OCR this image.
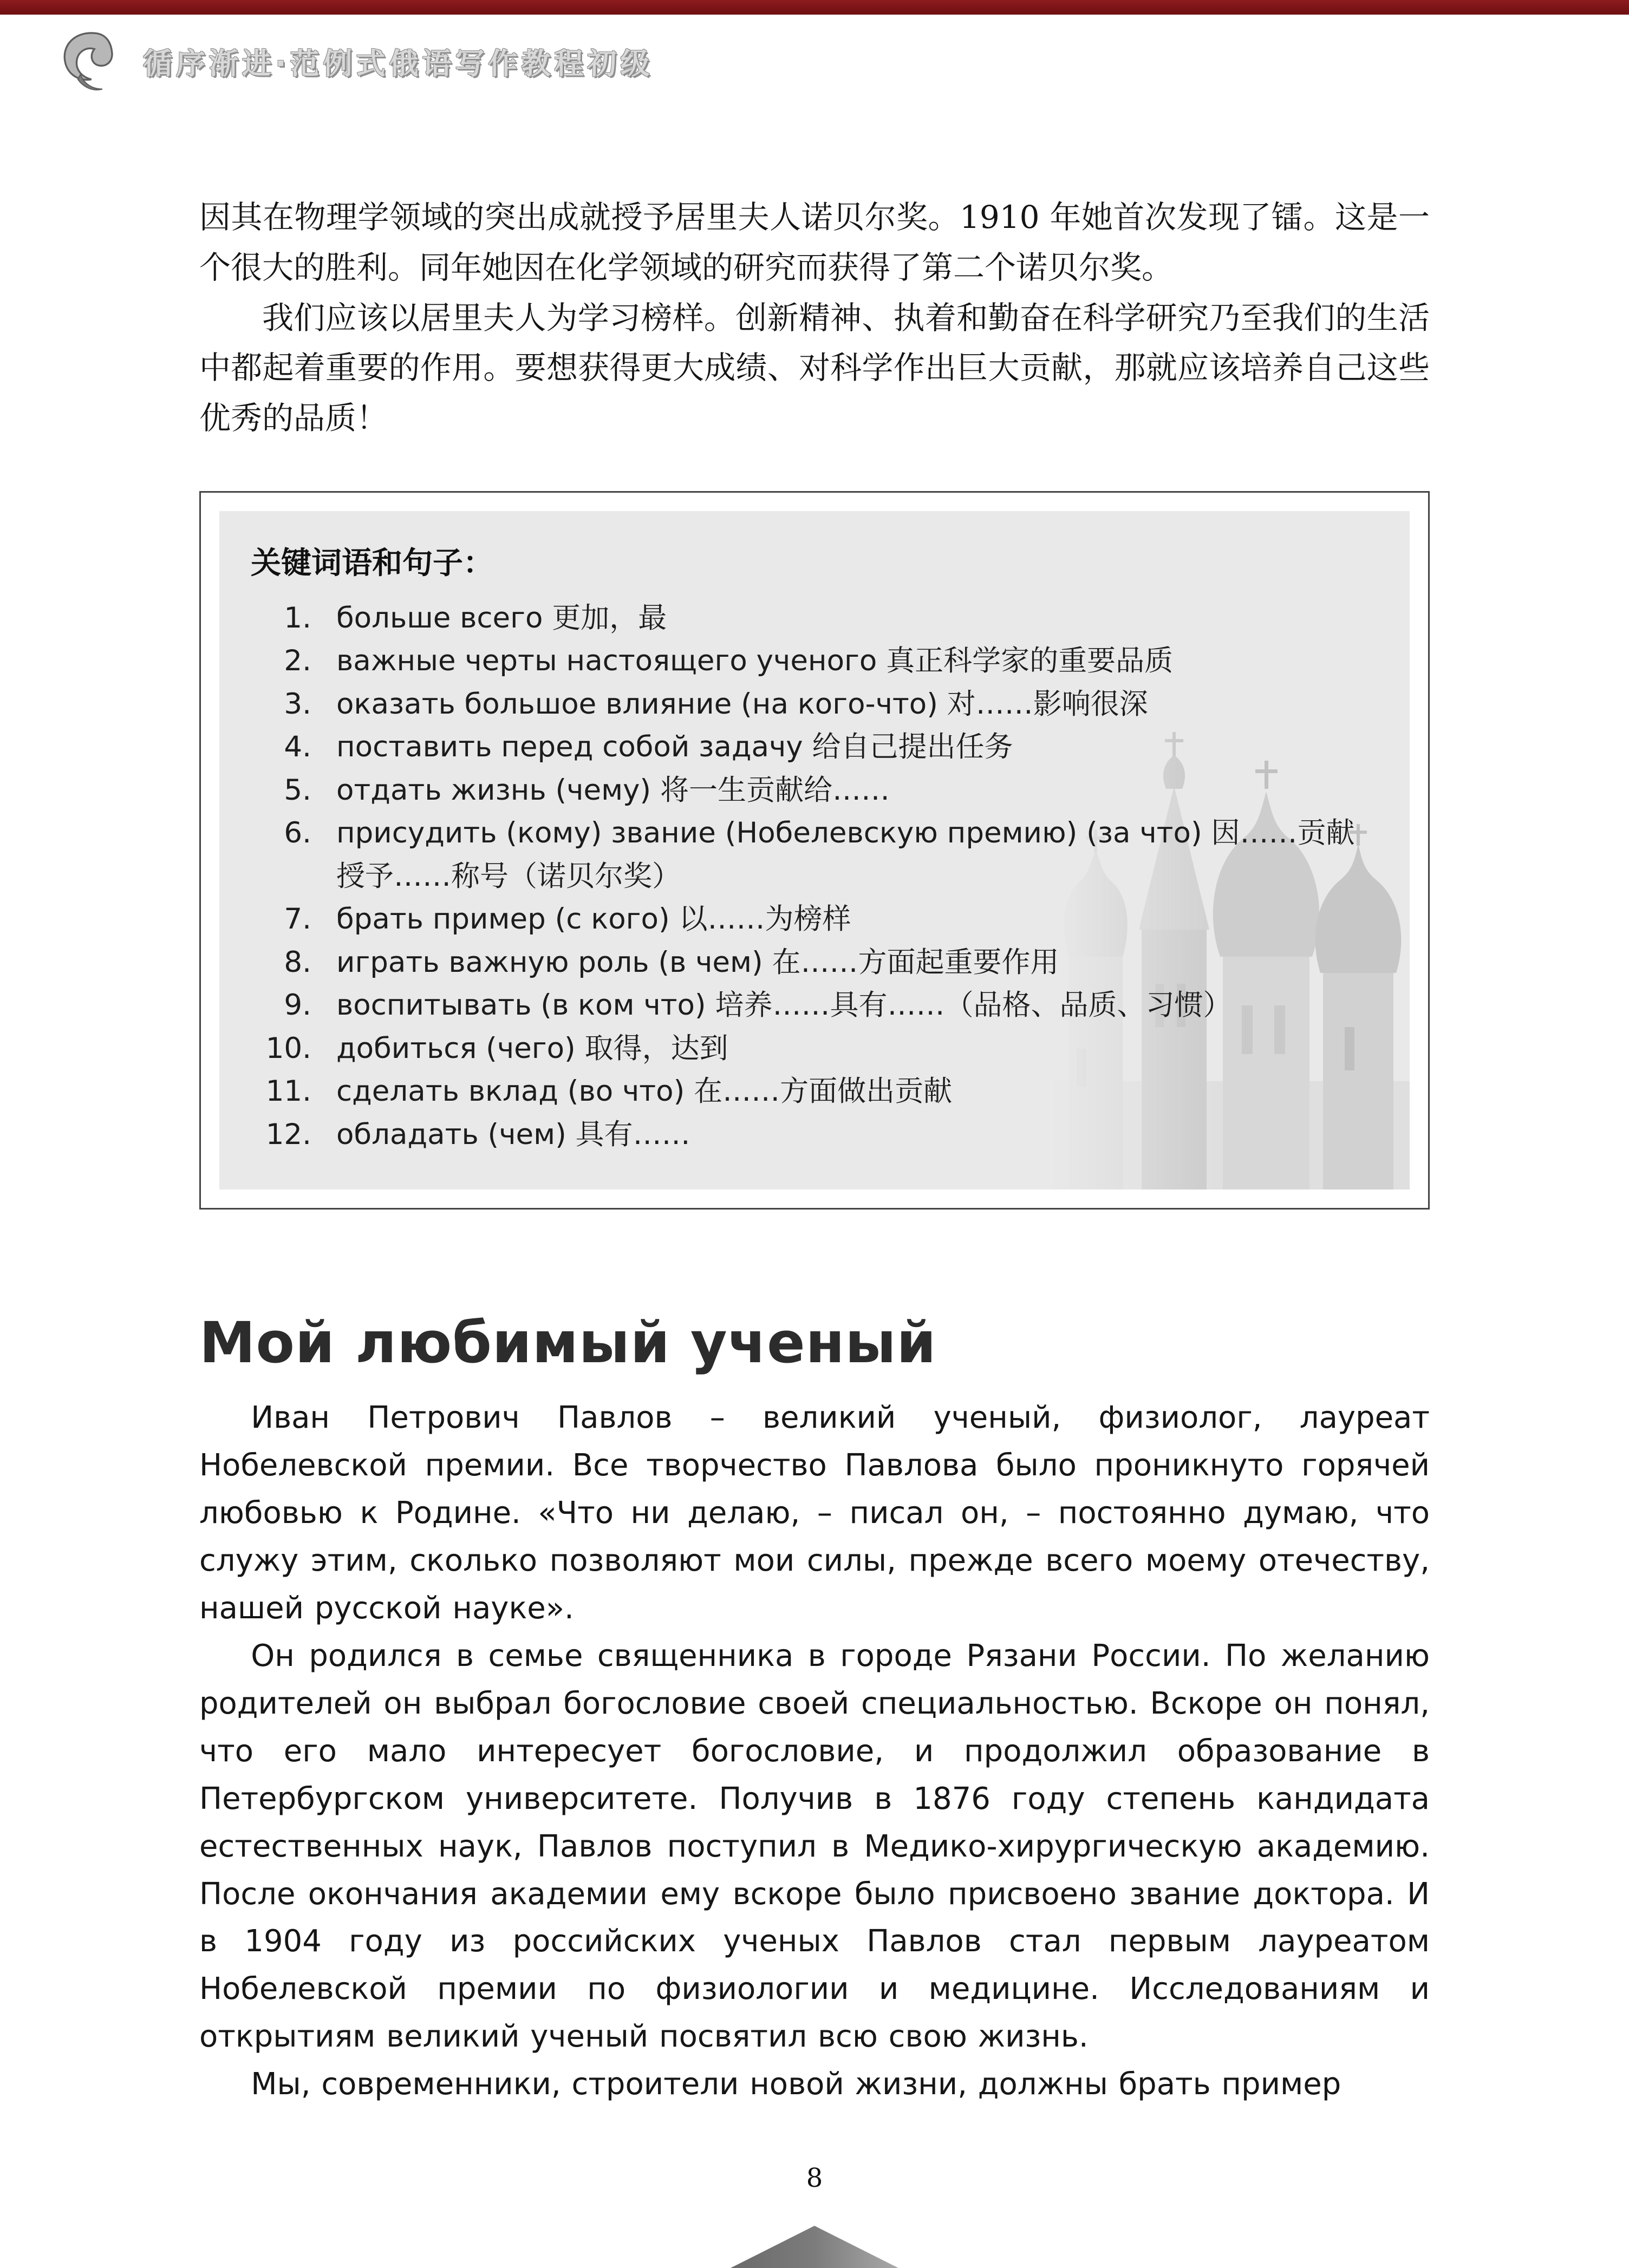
循序渐进·范例式俄语写作教程初级

因其在物理学领域的突出成就授予居里夫人诺贝尔奖。1910 年她首次发现了镭。这是一个很大的胜利。同年她因在化学领域的研究而获得了第二个诺贝尔奖。

我们应该以居里夫人为学习榜样。创新精神、执着和勤奋在科学研究乃至我们的生活中都起着重要的作用。要想获得更大成绩、对科学作出巨大贡献，那就应该培养自己这些优秀的品质！

关键词语和句子：
1. больше всего 更加，最
2. важные черты настоящего ученого 真正科学家的重要品质
3. оказать большое влияние (на кого-что) 对……影响很深
4. поставить перед собой задачу 给自己提出任务
5. отдать жизнь (чему) 将一生贡献给……
6. присудить (кому) звание (Нобелевскую премию) (за что) 因……贡献授予……称号（诺贝尔奖）
7. брать пример (с кого) 以……为榜样
8. играть важную роль (в чем) 在……方面起重要作用
9. воспитывать (в ком что) 培养……具有……（品格、品质、习惯）
10. добиться (чего) 取得，达到
11. сделать вклад (во что) 在……方面做出贡献
12. обладать (чем) 具有……
Мой любимый ученый

Иван Петрович Павлов – великий ученый, физиолог, лауреат Нобелевской премии. Все творчество Павлова было проникнуто горячей любовью к Родине. «Что ни делаю, – писал он, – постоянно думаю, что служу этим, сколько позволяют мои силы, прежде всего моему отечеству, нашей русской науке».

Он родился в семье священника в городе Рязани России. По желанию родителей он выбрал богословие своей специальностью. Вскоре он понял, что его мало интересует богословие, и продолжил образование в Петербургском университете. Получив в 1876 году степень кандидата естественных наук, Павлов поступил в Медико-хирургическую академию. После окончания академии ему вскоре было присвоено звание доктора. И в 1904 году из российских ученых Павлов стал первым лауреатом Нобелевской премии по физиологии и медицине. Исследованиям и открытиям великий ученый посвятил всю свою жизнь.

Мы, современники, строители новой жизни, должны брать пример

8
